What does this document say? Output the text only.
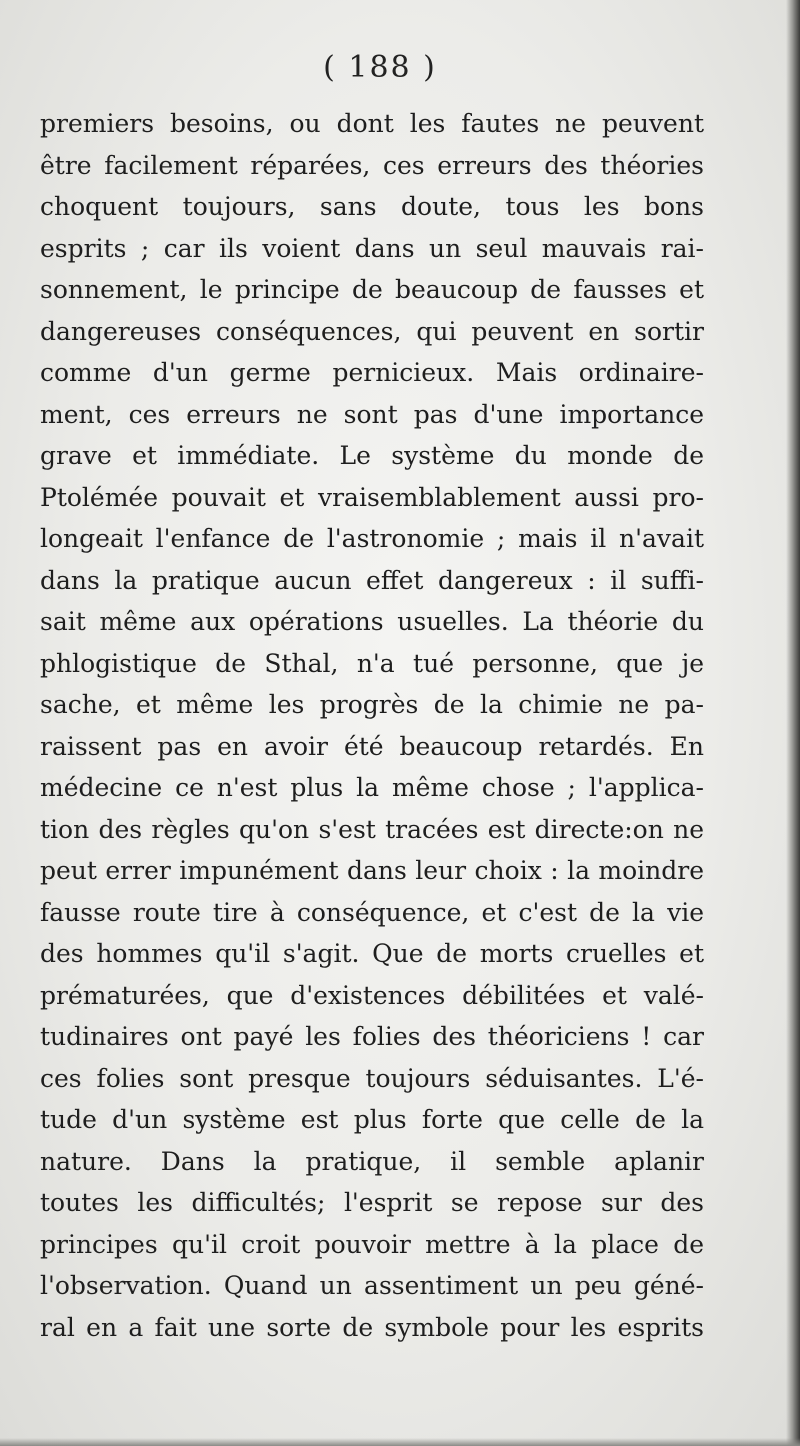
( 188 )
premiers besoins, ou dont les fautes ne peuvent
être facilement réparées, ces erreurs des théories
choquent toujours, sans doute, tous les bons
esprits ; car ils voient dans un seul mauvais rai-
sonnement, le principe de beaucoup de fausses et
dangereuses conséquences, qui peuvent en sortir
comme d'un germe pernicieux. Mais ordinaire-
ment, ces erreurs ne sont pas d'une importance
grave et immédiate. Le système du monde de
Ptolémée pouvait et vraisemblablement aussi pro-
longeait l'enfance de l'astronomie ; mais il n'avait
dans la pratique aucun effet dangereux : il suffi-
sait même aux opérations usuelles. La théorie du
phlogistique de Sthal, n'a tué personne, que je
sache, et même les progrès de la chimie ne pa-
raissent pas en avoir été beaucoup retardés. En
médecine ce n'est plus la même chose ; l'applica-
tion des règles qu'on s'est tracées est directe:on ne
peut errer impunément dans leur choix : la moindre
fausse route tire à conséquence, et c'est de la vie
des hommes qu'il s'agit. Que de morts cruelles et
prématurées, que d'existences débilitées et valé-
tudinaires ont payé les folies des théoriciens ! car
ces folies sont presque toujours séduisantes. L'é-
tude d'un système est plus forte que celle de la
nature. Dans la pratique, il semble aplanir
toutes les difficultés; l'esprit se repose sur des
principes qu'il croit pouvoir mettre à la place de
l'observation. Quand un assentiment un peu géné-
ral en a fait une sorte de symbole pour les esprits
